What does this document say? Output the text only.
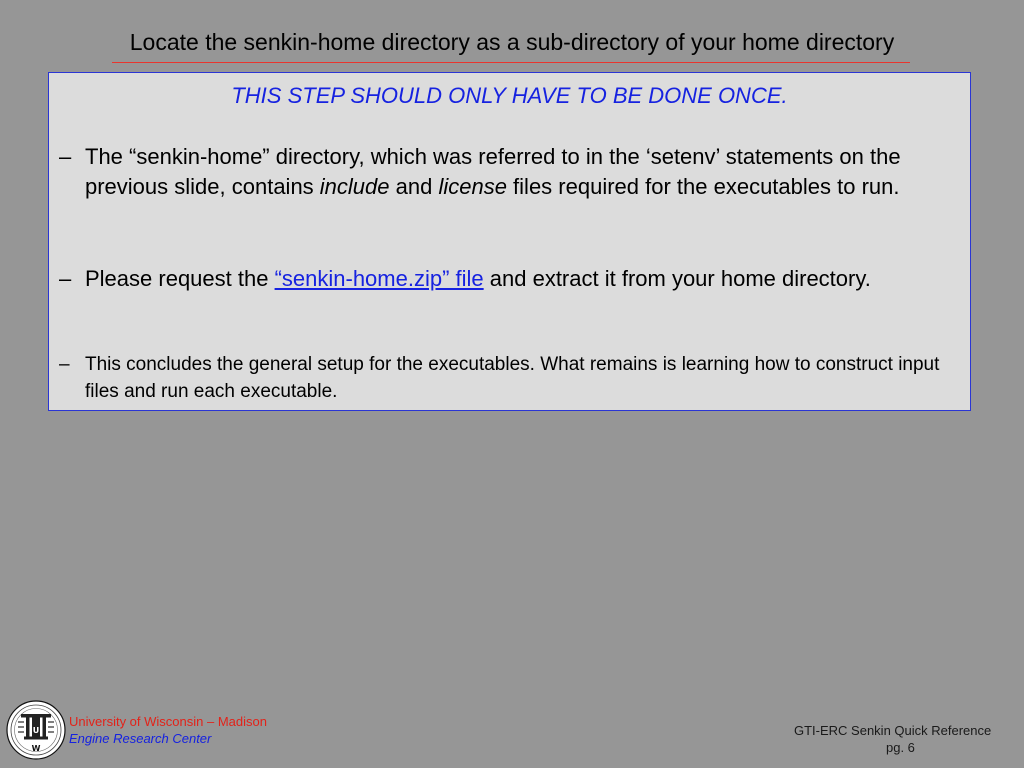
Locate the senkin-home directory as a sub-directory of your home directory
THIS STEP SHOULD ONLY HAVE TO BE DONE ONCE.
– The “senkin-home” directory, which was referred to in the ‘setenv’ statements on the previous slide, contains include and license files required for the executables to run.
– Please request the “senkin-home.zip” file and extract it from your home directory.
– This concludes the general setup for the executables. What remains is learning how to construct input files and run each executable.
U
W
University of Wisconsin – Madison
Engine Research Center
GTI-ERC Senkin Quick Reference
pg. 6
